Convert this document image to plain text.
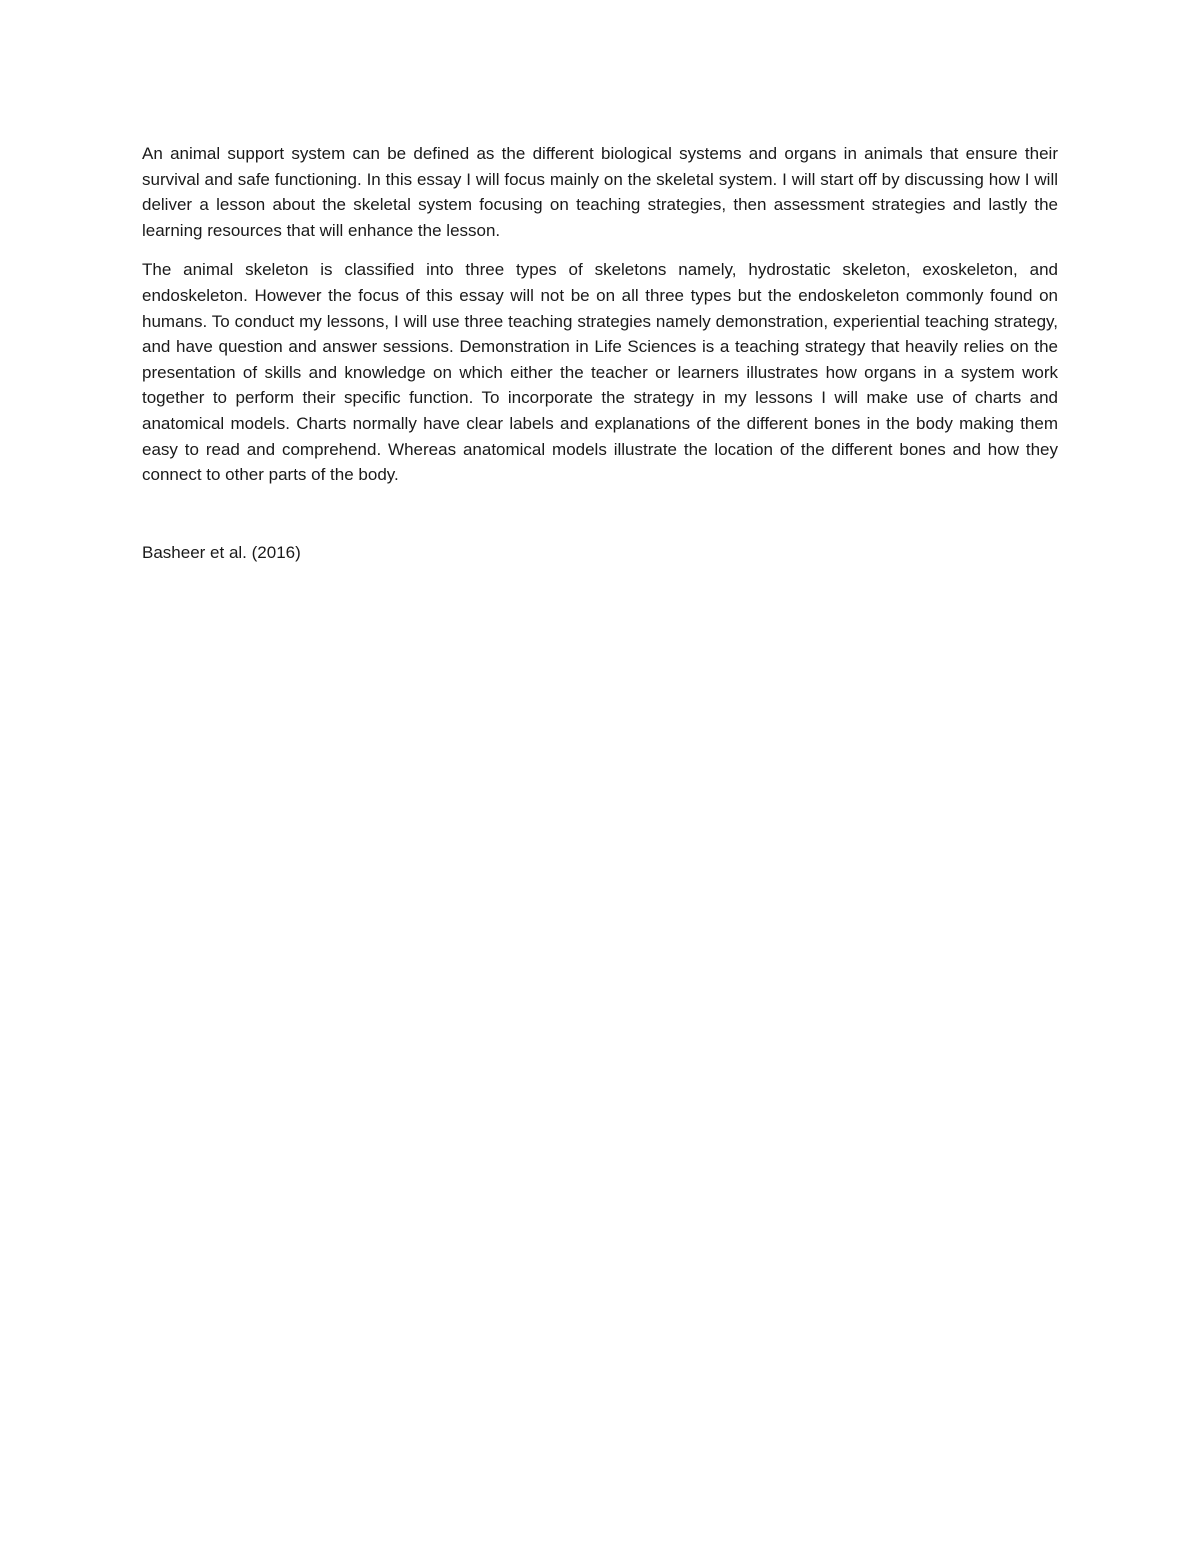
An animal support system can be defined as the different biological systems and organs in animals that ensure their survival and safe functioning. In this essay I will focus mainly on the skeletal system. I will start off by discussing how I will deliver a lesson about the skeletal system focusing on teaching strategies, then assessment strategies and lastly the learning resources that will enhance the lesson.

The animal skeleton is classified into three types of skeletons namely, hydrostatic skeleton, exoskeleton, and endoskeleton. However the focus of this essay will not be on all three types but the endoskeleton commonly found on humans. To conduct my lessons, I will use three teaching strategies namely demonstration, experiential teaching strategy, and have question and answer sessions. Demonstration in Life Sciences is a teaching strategy that heavily relies on the presentation of skills and knowledge on which either the teacher or learners illustrates how organs in a system work together to perform their specific function. To incorporate the strategy in my lessons I will make use of charts and anatomical models. Charts normally have clear labels and explanations of the different bones in the body making them easy to read and comprehend. Whereas anatomical models illustrate the location of the different bones and how they connect to other parts of the body.

Basheer et al. (2016)
